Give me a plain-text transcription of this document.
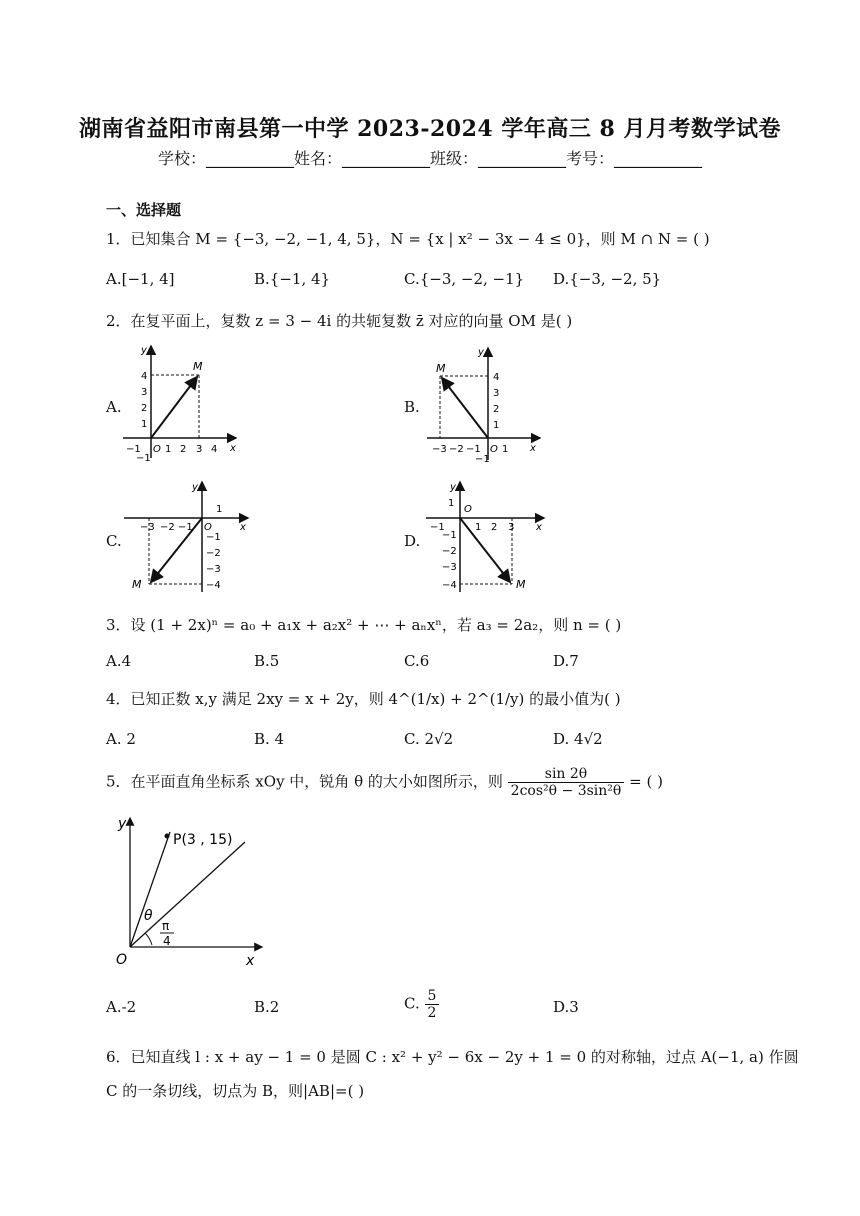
湖南省益阳市南县第一中学 2023-2024 学年高三 8 月月考数学试卷
学校：___________姓名：___________班级：___________考号：___________
一、选择题
1．已知集合 M = {−3, −2, −1, 4, 5}，N = {x | x² − 3x − 4 ≤ 0}，则 M ∩ N = ( )
A.[−1, 4]	B.{−1, 4}	C.{−3, −2, −1} D.{−3, −2, 5}
2．在复平面上，复数 z = 3 − 4i 的共轭复数 z̄ 对应的向量 OM 是( )
A.	B.
C.	D.
x
y
M
−1 O 1 2 3 4
4
3
2
1
−1
x
y
M
−3 −2 −1 O 1
4
3
2
1
−1
x
y
M
−3 −2 −1 O
1
−1
−2
−3
−4
x
y
O
M
−1	1 2 3
1
−1
−2
−3
−4
3．设 (1 + 2x)ⁿ = a₀ + a₁x + a₂x² + ⋯ + aₙxⁿ，若 a₃ = 2a₂，则 n = ( )
A.4	B.5	C.6	D.7
4．已知正数 x,y 满足 2xy = x + 2y，则 4^(1/x) + 2^(1/y) 的最小值为( )
A. 2	B. 4	C. 2√2	D. 4√2
5．在平面直角坐标系 xOy 中，锐角 θ 的大小如图所示，则 $\frac{\sin 2\theta}{\text{2cos²θ − 3sin²θ}}$ = ( )
y
x
O
P(3 , 15)
θ
π
4
A.-2	B.2	C. $\frac{5}{2}$	D.3
6．已知直线 l : x + ay − 1 = 0 是圆 C : x² + y² − 6x − 2y + 1 = 0 的对称轴，过点 A(−1, a) 作圆
C 的一条切线，切点为 B，则|AB|=( )
